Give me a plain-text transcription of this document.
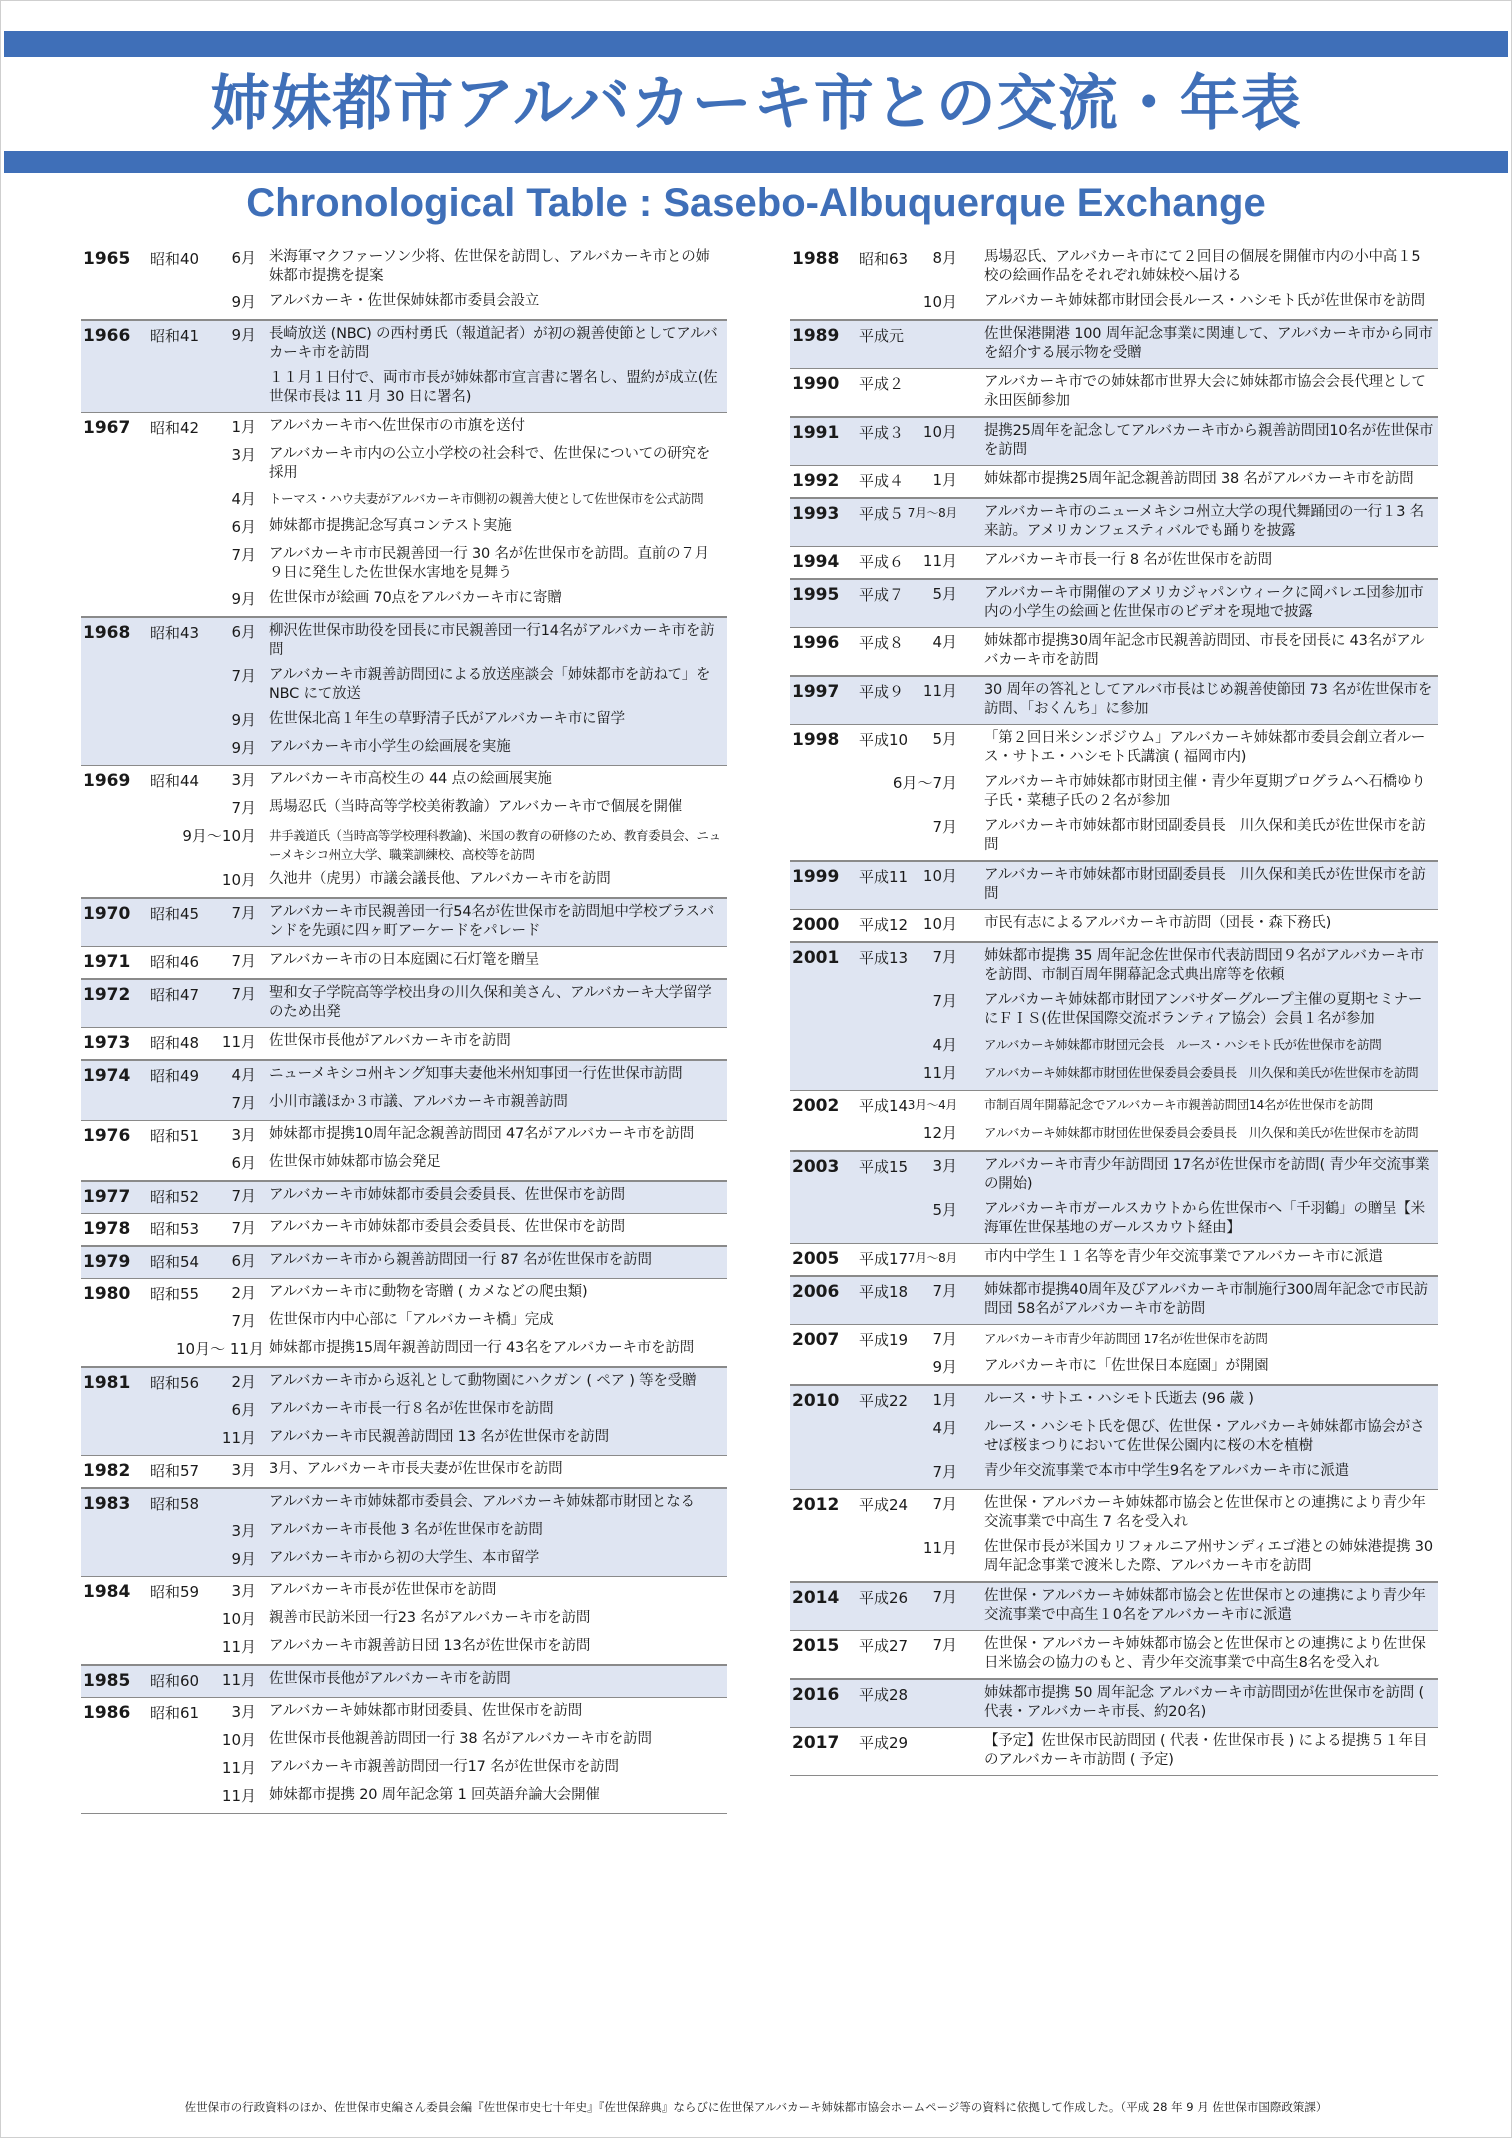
姉妹都市アルバカーキ市との交流・年表
Chronological Table : Sasebo-Albuquerque Exchange
1965 昭和40	6月 米海軍マクファーソン少将、佐世保を訪問し、アルバカーキ市との姉妹都市提携を提案
9月 アルバカーキ・佐世保姉妹都市委員会設立
1966 昭和41	9月 長崎放送 (NBC) の西村勇氏（報道記者）が初の親善使節としてアルバカーキ市を訪問
１１月１日付で、両市市長が姉妹都市宣言書に署名し、盟約が成立(佐世保市長は 11 月 30 日に署名)
1967 昭和42	1月 アルバカーキ市へ佐世保市の市旗を送付
3月 アルバカーキ市内の公立小学校の社会科で、佐世保についての研究を採用
4月 トーマス・ハウ夫妻がアルバカーキ市側初の親善大使として佐世保市を公式訪問
6月 姉妹都市提携記念写真コンテスト実施
7月 アルバカーキ市市民親善団一行 30 名が佐世保市を訪問。直前の７月９日に発生した佐世保水害地を見舞う
9月 佐世保市が絵画 70点をアルバカーキ市に寄贈
1968 昭和43	6月 柳沢佐世保市助役を団長に市民親善団一行14名がアルバカーキ市を訪問
7月 アルバカーキ市親善訪問団による放送座談会「姉妹都市を訪ねて」を NBC にて放送
9月 佐世保北高１年生の草野清子氏がアルバカーキ市に留学
9月 アルバカーキ市小学生の絵画展を実施
1969 昭和44	3月 アルバカーキ市高校生の 44 点の絵画展実施
7月 馬場忍氏（当時高等学校美術教諭）アルバカーキ市で個展を開催
9月〜10月 井手義道氏（当時高等学校理科教諭)、米国の教育の研修のため、教育委員会、ニューメキシコ州立大学、職業訓練校、高校等を訪問
10月 久池井（虎男）市議会議長他、アルバカーキ市を訪問
1970 昭和45	7月 アルバカーキ市民親善団一行54名が佐世保市を訪問旭中学校ブラスバンドを先頭に四ヶ町アーケードをパレード
1971 昭和46	7月 アルバカーキ市の日本庭園に石灯篭を贈呈
1972 昭和47	7月 聖和女子学院高等学校出身の川久保和美さん、アルバカーキ大学留学のため出発
1973 昭和48	11月 佐世保市長他がアルバカーキ市を訪問
1974 昭和49	4月 ニューメキシコ州キング知事夫妻他米州知事団一行佐世保市訪問
7月 小川市議ほか３市議、アルバカーキ市親善訪問
1976 昭和51	3月 姉妹都市提携10周年記念親善訪問団 47名がアルバカーキ市を訪問
6月 佐世保市姉妹都市協会発足
1977 昭和52	7月 アルバカーキ市姉妹都市委員会委員長、佐世保市を訪問
1978 昭和53	7月 アルバカーキ市姉妹都市委員会委員長、佐世保市を訪問
1979 昭和54	6月 アルバカーキ市から親善訪問団一行 87 名が佐世保市を訪問
1980 昭和55	2月 アルバカーキ市に動物を寄贈 ( カメなどの爬虫類)
7月 佐世保市内中心部に「アルバカーキ橋」完成
10月〜 11月 姉妹都市提携15周年親善訪問団一行 43名をアルバカーキ市を訪問
1981 昭和56	2月 アルバカーキ市から返礼として動物園にハクガン ( ペア ) 等を受贈
6月 アルバカーキ市長一行８名が佐世保市を訪問
11月 アルバカーキ市民親善訪問団 13 名が佐世保市を訪問
1982 昭和57	3月 3月、アルバカーキ市長夫妻が佐世保市を訪問
1983 昭和58	アルバカーキ市姉妹都市委員会、アルバカーキ姉妹都市財団となる
3月 アルバカーキ市長他 3 名が佐世保市を訪問
9月 アルバカーキ市から初の大学生、本市留学
1984 昭和59	3月 アルバカーキ市長が佐世保市を訪問
10月 親善市民訪米団一行23 名がアルバカーキ市を訪問
11月 アルバカーキ市親善訪日団 13名が佐世保市を訪問
1985 昭和60	11月 佐世保市長他がアルバカーキ市を訪問
1986 昭和61	3月 アルバカーキ姉妹都市財団委員、佐世保市を訪問
10月 佐世保市長他親善訪問団一行 38 名がアルバカーキ市を訪問
11月 アルバカーキ市親善訪問団一行17 名が佐世保市を訪問
11月 姉妹都市提携 20 周年記念第 1 回英語弁論大会開催
1988 昭和63	8月 馬場忍氏、アルバカーキ市にて２回目の個展を開催市内の小中高１5 校の絵画作品をそれぞれ姉妹校へ届ける
10月 アルバカーキ姉妹都市財団会長ルース・ハシモト氏が佐世保市を訪問
1989 平成元	佐世保港開港 100 周年記念事業に関連して、アルバカーキ市から同市を紹介する展示物を受贈
1990 平成２	アルバカーキ市での姉妹都市世界大会に姉妹都市協会会長代理として永田医師参加
1991 平成３	10月 提携25周年を記念してアルバカーキ市から親善訪問団10名が佐世保市を訪問
1992 平成４	1月 姉妹都市提携25周年記念親善訪問団 38 名がアルバカーキ市を訪問
1993 平成５ 7月〜8月 アルバカーキ市のニューメキシコ州立大学の現代舞踊団の一行１3 名来訪。アメリカンフェスティバルでも踊りを披露
1994 平成６	11月 アルバカーキ市長一行 8 名が佐世保市を訪問
1995 平成７	5月 アルバカーキ市開催のアメリカジャパンウィークに岡バレエ団参加市内の小学生の絵画と佐世保市のビデオを現地で披露
1996 平成８	4月 姉妹都市提携30周年記念市民親善訪問団、市長を団長に 43名がアルバカーキ市を訪問
1997 平成９	11月 30 周年の答礼としてアルバ市長はじめ親善使節団 73 名が佐世保市を訪問、「おくんち」に参加
1998 平成10	5月 「第２回日米シンポジウム」アルバカーキ姉妹都市委員会創立者ルース・サトエ・ハシモト氏講演 ( 福岡市内)
6月〜7月 アルバカーキ市姉妹都市財団主催・青少年夏期プログラムへ石橋ゆり子氏・菜穂子氏の２名が参加
7月 アルバカーキ市姉妹都市財団副委員長　川久保和美氏が佐世保市を訪問
1999 平成11 10月 アルバカーキ市姉妹都市財団副委員長　川久保和美氏が佐世保市を訪問
2000 平成12 10月 市民有志によるアルバカーキ市訪問（団長・森下務氏)
2001 平成13	7月 姉妹都市提携 35 周年記念佐世保市代表訪問団９名がアルバカーキ市を訪問、市制百周年開幕記念式典出席等を依頼
7月 アルバカーキ姉妹都市財団アンバサダーグループ主催の夏期セミナーにＦＩＳ(佐世保国際交流ボランティア協会）会員１名が参加
4月 アルバカーキ姉妹都市財団元会長　ルース・ハシモト氏が佐世保市を訪問
11月 アルバカーキ姉妹都市財団佐世保委員会委員長　川久保和美氏が佐世保市を訪問
2002 平成14 3月〜4月 市制百周年開幕記念でアルバカーキ市親善訪問団14名が佐世保市を訪問
12月 アルバカーキ姉妹都市財団佐世保委員会委員長　川久保和美氏が佐世保市を訪問
2003 平成15	3月 アルバカーキ市青少年訪問団 17名が佐世保市を訪問( 青少年交流事業の開始)
5月 アルバカーキ市ガールスカウトから佐世保市へ「千羽鶴」の贈呈【米海軍佐世保基地のガールスカウト経由】
2005 平成17 7月〜8月 市内中学生１１名等を青少年交流事業でアルバカーキ市に派遣
2006 平成18	7月 姉妹都市提携40周年及びアルバカーキ市制施行300周年記念で市民訪問団 58名がアルバカーキ市を訪問
2007 平成19	7月 アルバカーキ市青少年訪問団 17名が佐世保市を訪問
9月 アルバカーキ市に「佐世保日本庭園」が開園
2010 平成22	1月 ルース・サトエ・ハシモト氏逝去 (96 歳 )
4月 ルース・ハシモト氏を偲び、佐世保・アルバカーキ姉妹都市協会がさせぼ桜まつりにおいて佐世保公園内に桜の木を植樹
7月 青少年交流事業で本市中学生9名をアルバカーキ市に派遣
2012 平成24	7月 佐世保・アルバカーキ姉妹都市協会と佐世保市との連携により青少年交流事業で中高生 7 名を受入れ
11月 佐世保市長が米国カリフォルニア州サンディエゴ港との姉妹港提携 30 周年記念事業で渡米した際、アルバカーキ市を訪問
2014 平成26	7月 佐世保・アルバカーキ姉妹都市協会と佐世保市との連携により青少年交流事業で中高生１0名をアルバカーキ市に派遣
2015 平成27	7月 佐世保・アルバカーキ姉妹都市協会と佐世保市との連携により佐世保日米協会の協力のもと、青少年交流事業で中高生8名を受入れ
2016 平成28	姉妹都市提携 50 周年記念 アルバカーキ市訪問団が佐世保市を訪問 ( 代表・アルバカーキ市長、約20名)
2017 平成29	【予定】佐世保市民訪問団 ( 代表・佐世保市長 ) による提携５１年目のアルバカーキ市訪問 ( 予定)
佐世保市の行政資料のほか、佐世保市史編さん委員会編『佐世保市史七十年史』『佐世保辞典』ならびに佐世保アルバカーキ姉妹都市協会ホームページ等の資料に依拠して作成した。（平成 28 年 9 月 佐世保市国際政策課）
